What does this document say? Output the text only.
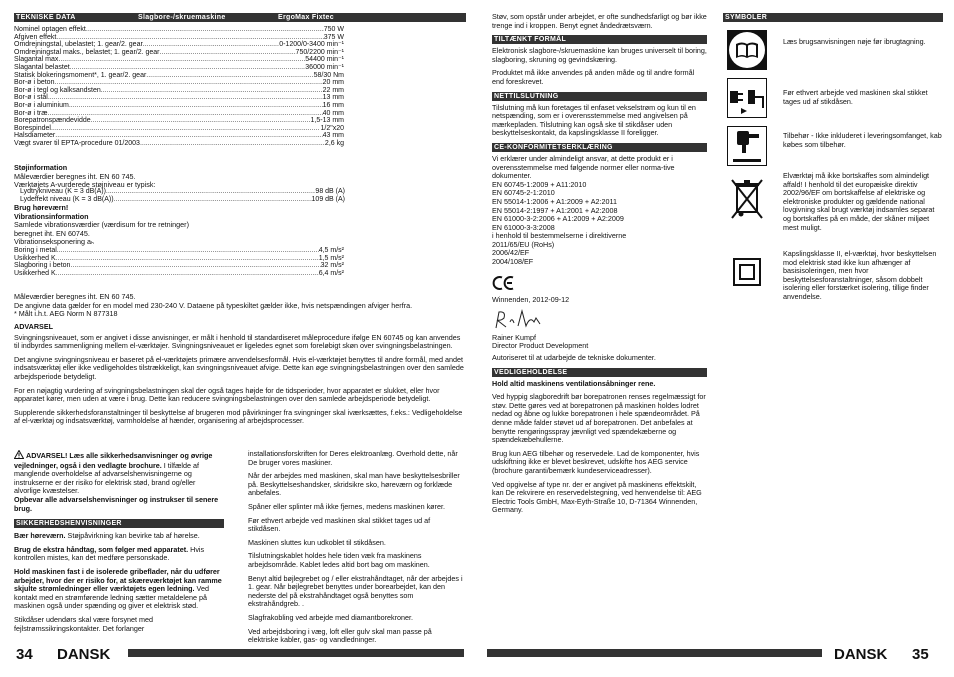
TEKNISKE DATA	Slagbore-/skruemaskine	ErgoMax Fixtec
Nominel optagen effekt .....	750 W
Afgiven effekt .....	375 W
Omdrejningstal, ubelastet; 1. gear/2. gear .....	0-1200/0-3400 min⁻¹
Omdrejningstal maks., belastet; 1. gear/2. gear .....	750/2200 min⁻¹
Slagantal max. .....	54400 min⁻¹
Slagantal belastet .....	36000 min⁻¹
Statisk blokeringsmoment*, 1. gear/2. gear .....	58/30 Nm
Bor-ø i beton .....	20 mm
Bor-ø i tegl og kalksandsten .....	22 mm
Bor-ø i stål .....	13 mm
Bor-ø i aluminium .....	16 mm
Bor-ø i træ .....	40 mm
Borepatronspændevidde .....	1,5-13 mm
Borespindel .....	1/2"x20
Halsdiameter .....	43 mm
Vægt svarer til EPTA-procedure 01/2003 .....	2,6 kg
Støjinformation
Måleværdier beregnes iht. EN 60 745.
Værktøjets A-vurderede støjniveau er typisk:
Lydtrykniveau (K = 3 dB(A)) .....	98 dB (A)
Lydeffekt niveau (K = 3 dB(A)) .....	109 dB (A)
Brug høreværn!
Vibrationsinformation
Samlede vibrationsværdier (værdisum for tre retninger)
beregnet iht. EN 60745.
Vibrationseksponering aₕ
Boring i metal .....	4,5 m/s²
Usikkerhed K .....	1,5 m/s²
Slagboring i beton .....	32 m/s²
Usikkerhed K .....	6,4 m/s²
Måleværdier beregnes iht. EN 60 745.
De angivne data gælder for en model med 230-240 V. Dataene på typeskiltet gælder ikke, hvis netspændingen afviger herfra.
* Målt i.h.t. AEG Norm N 877318

ADVARSEL

Svingningsniveauet, som er angivet i disse anvisninger, er målt i henhold til standardiseret måleprocedure ifølge EN 60745 og kan anvendes til indbyrdes sammenligning mellem el-værktøjer. Svingningsniveauet er ligeledes egnet som foreløbigt skøn over svingningsbelastningen.

Det angivne svingningsniveau er baseret på el-værktøjets primære anvendelsesformål. Hvis el-værktøjet benyttes til andre formål, med andet indsatsværktøj eller ikke vedligeholdes tilstrækkeligt, kan svingningsniveauet afvige. Dette kan øge svingningsbelastningen over den samlede arbejdsperiode betydeligt.

For en nøjagtig vurdering af svingningsbelastningen skal der også tages højde for de tidsperioder, hvor apparatet er slukket, eller hvor apparatet kører, men uden at være i brug. Dette kan reducere svingningsbelastningen over den samlede arbejdsperiode betydeligt.

Supplerende sikkerhedsforanstaltninger til beskyttelse af brugeren mod påvirkninger fra svingninger skal iværksættes, f.eks.: Vedligeholdelse af el-værktøj og indsatsværktøj, varmholdelse af hænder, organisering af arbejdsprocesser.

ADVARSEL! Læs alle sikkerhedsanvisninger og øvrige vejledninger, også i den vedlagte brochure. I tilfælde af manglende overholdelse af advarselshenvisningerne og instrukserne er der risiko for elektrisk stød, brand og/eller alvorlige kvæstelser.
Opbevar alle advarselshenvisninger og instrukser til senere brug.

SIKKERHEDSHENVISNINGER

Bær høreværn. Støjpåvirkning kan bevirke tab af hørelse.

Brug de ekstra håndtag, som følger med apparatet. Hvis kontrollen mistes, kan det medføre personskade.

Hold maskinen fast i de isolerede gribeflader, når du udfører arbejder, hvor der er risiko for, at skæreværktøjet kan ramme skjulte strømledninger eller værktøjets egen ledning. Ved kontakt med en strømførende ledning sætter metaldelene på maskinen også under spænding og giver et elektrisk stød.

Stikdåser udendørs skal være forsynet med fejlstrømssikringskontakter. Det forlanger

installationsforskriften for Deres elektroanlæg. Overhold dette, når De bruger vores maskiner.

Når der arbejdes med maskinen, skal man have beskyttelsesbriller på. Beskyttelseshandsker, skridsikre sko, høreværn og forklæde anbefales.

Spåner eller splinter må ikke fjernes, medens maskinen kører.

Før ethvert arbejde ved maskinen skal stikket tages ud af stikdåsen.

Maskinen sluttes kun udkoblet til stikdåsen.

Tilslutningskablet holdes hele tiden væk fra maskinens arbejdsområde. Kablet ledes altid bort bag om maskinen.

Benyt altid bøjlegrebet og / eller ekstrahåndtaget, når der arbejdes i 1. gear. Når bøjlegrebet benyttes under borearbejdet, kan den nederste del på ekstrahåndtaget også benyttes som ekstrahåndgreb. .

Slagfrakobling ved arbejde med diamantborekroner.

Ved arbejdsboring i væg, loft eller gulv skal man passe på elektriske kabler, gas- og vandledninger.

34 DANSK

Støv, som opstår under arbejdet, er ofte sundhedsfarligt og bør ikke trenge ind i kroppen. Benyt egnet åndedrætsværn.

TILTÆNKT FORMÅL

Elektronisk slagbore-/skruemaskine kan bruges universelt til boring, slagboring, skruning og gevindskæring.

Produktet må ikke anvendes på anden måde og til andre formål end foreskrevet.

NETTILSLUTNING

Tilslutning må kun foretages til enfaset vekselstrøm og kun til en netspænding, som er i overensstemmelse med angivelsen på mærkepladen. Tilslutning kan også ske til stikdåser uden beskyttelseskontakt, da kapslingsklasse II foreligger.

CE-KONFORMITETSERKLÆRING

Vi erklærer under almindeligt ansvar, at dette produkt er i overensstemmelse med følgende normer eller norma-tive dokumenter.

EN 60745-1:2009 + A11:2010
EN 60745-2-1:2010
EN 55014-1:2006 + A1:2009 + A2:2011
EN 55014-2:1997 + A1:2001 + A2:2008
EN 61000-3-2:2006 + A1:2009 + A2:2009
EN 61000-3-3:2008
i henhold til bestemmelserne i direktiverne
2011/65/EU (RoHs)
2006/42/EF
2004/108/EF

Winnenden, 2012-09-12

Rainer Kumpf
Director Product Development

Autoriseret til at udarbejde de tekniske dokumenter.

VEDLIGEHOLDELSE

Hold altid maskinens ventilationsåbninger rene.

Ved hyppig slagboredrift bør borepatronen renses regelmæssigt for støv. Dette gøres ved at borepatronen på maskinen holdes lodret nedad og åbne og lukke borepatronen i hele spændeområdet. På denne måde falder støvet ud af borepatronen. Det anbefales at benytte rengøringsspray jævnligt ved spændekæberne og spændekæbehullerne.

Brug kun AEG tilbehør og reservedele. Lad de komponenter, hvis udskiftning ikke er blevet beskrevet, udskifte hos AEG service (brochure garanti/bemærk kundeserviceadresser).

Ved opgivelse af type nr. der er angivet på maskinens effektskilt, kan De rekvirere en reservedelstegning, ved henvendelse til: AEG Electric Tools GmbH, Max-Eyth-Straße 10, D-71364 Winnenden, Germany.

SYMBOLER
Læs brugsanvisningen nøje før ibrugtagning.
Før ethvert arbejde ved maskinen skal stikket tages ud af stikdåsen.
Tilbehør - Ikke inkluderet i leveringsomfanget, kab købes som tilbehør.
Elværktøj må ikke bortskaffes som almindeligt affald! I henhold til det europæiske direktiv 2002/96/EF om bortskaffelse af elektriske og elektroniske produkter og gældende national lovgivning skal brugt værktøj indsamles separat og bortskaffes på en måde, der skåner miljøet mest muligt.
Kapslingsklasse II, el-værktøj, hvor beskyttelsen mod elektrisk stød ikke kun afhænger af basisisoleringen, men hvor beskyttelsesforanstaltninger, såsom dobbelt isolering eller forstærket isolering, tillige finder anvendelse.
DANSK 35
